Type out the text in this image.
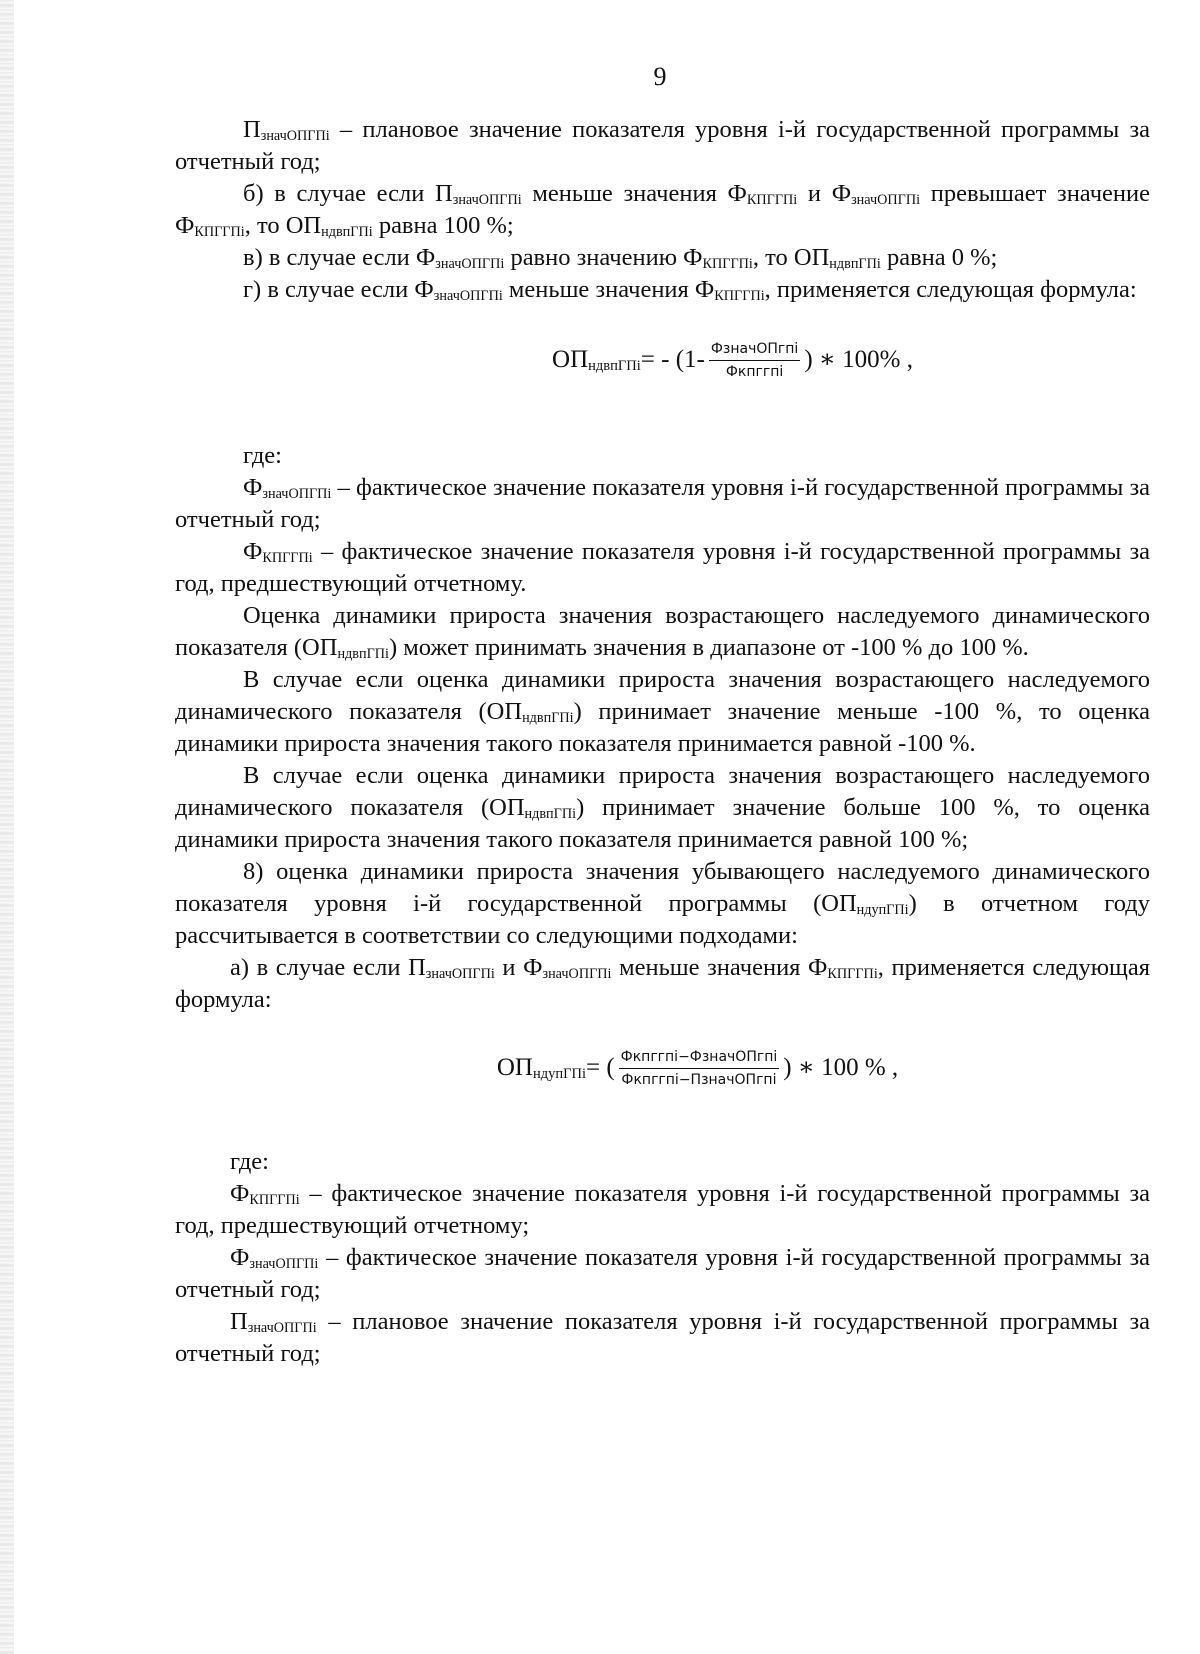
9

$П_{значОПГПi}$ – плановое значение показателя уровня i-й государственной программы за отчетный год;

б) в случае если $П_{значОПГПi}$ меньше значения $Ф_{КПГГПi}$ и $Ф_{значОПГПi}$ превышает значение $Ф_{КПГГПi}$, то $ОП_{ндвпГПi}$ равна 100 %;

в) в случае если $Ф_{значОПГПi}$ равно значению $Ф_{КПГГПi}$, то $ОП_{ндвпГПi}$ равна 0 %;

г) в случае если $Ф_{значОПГПi}$ меньше значения $Ф_{КПГГПi}$, применяется следующая формула:

$ОП_{ндвпГПi}$ = - ($1- \frac{\text{ФзначОПгпi}}{\text{Фкпггпi}}$ ) ∗ 100% ,

где:

$Ф_{значОПГПi}$ – фактическое значение показателя уровня i-й государственной программы за отчетный год;

$Ф_{КПГГПi}$ – фактическое значение показателя уровня i-й государственной программы за год, предшествующий отчетному.

Оценка динамики прироста значения возрастающего наследуемого динамического показателя $(ОП_{ндвпГПi})$ может принимать значения в диапазоне от -100 % до 100 %.

В случае если оценка динамики прироста значения возрастающего наследуемого динамического показателя $(ОП_{ндвпГПi})$ принимает значение меньше -100 %, то оценка динамики прироста значения такого показателя принимается равной -100 %.

В случае если оценка динамики прироста значения возрастающего наследуемого динамического показателя $(ОП_{ндвпГПi})$ принимает значение больше 100 %, то оценка динамики прироста значения такого показателя принимается равной 100 %;

8) оценка динамики прироста значения убывающего наследуемого динамического показателя уровня i-й государственной программы $(ОП_{ндупГПi})$ в отчетном году рассчитывается в соответствии со следующими подходами:

а) в случае если $П_{значОПГПi}$ и $Ф_{значОПГПi}$ меньше значения $Ф_{КПГГПi}$, применяется следующая формула:

$ОП_{ндупГПi}$ = ( $\frac{\text{Фкпггпi−ФзначОПгпi}}{\text{Фкпггпi−ПзначОПгпi}}$ ) ∗ 100 % ,

где:

$Ф_{КПГГПi}$ – фактическое значение показателя уровня i-й государственной программы за год, предшествующий отчетному;

$Ф_{значОПГПi}$ – фактическое значение показателя уровня i-й государственной программы за отчетный год;

$П_{значОПГПi}$ – плановое значение показателя уровня i-й государственной программы за отчетный год;
